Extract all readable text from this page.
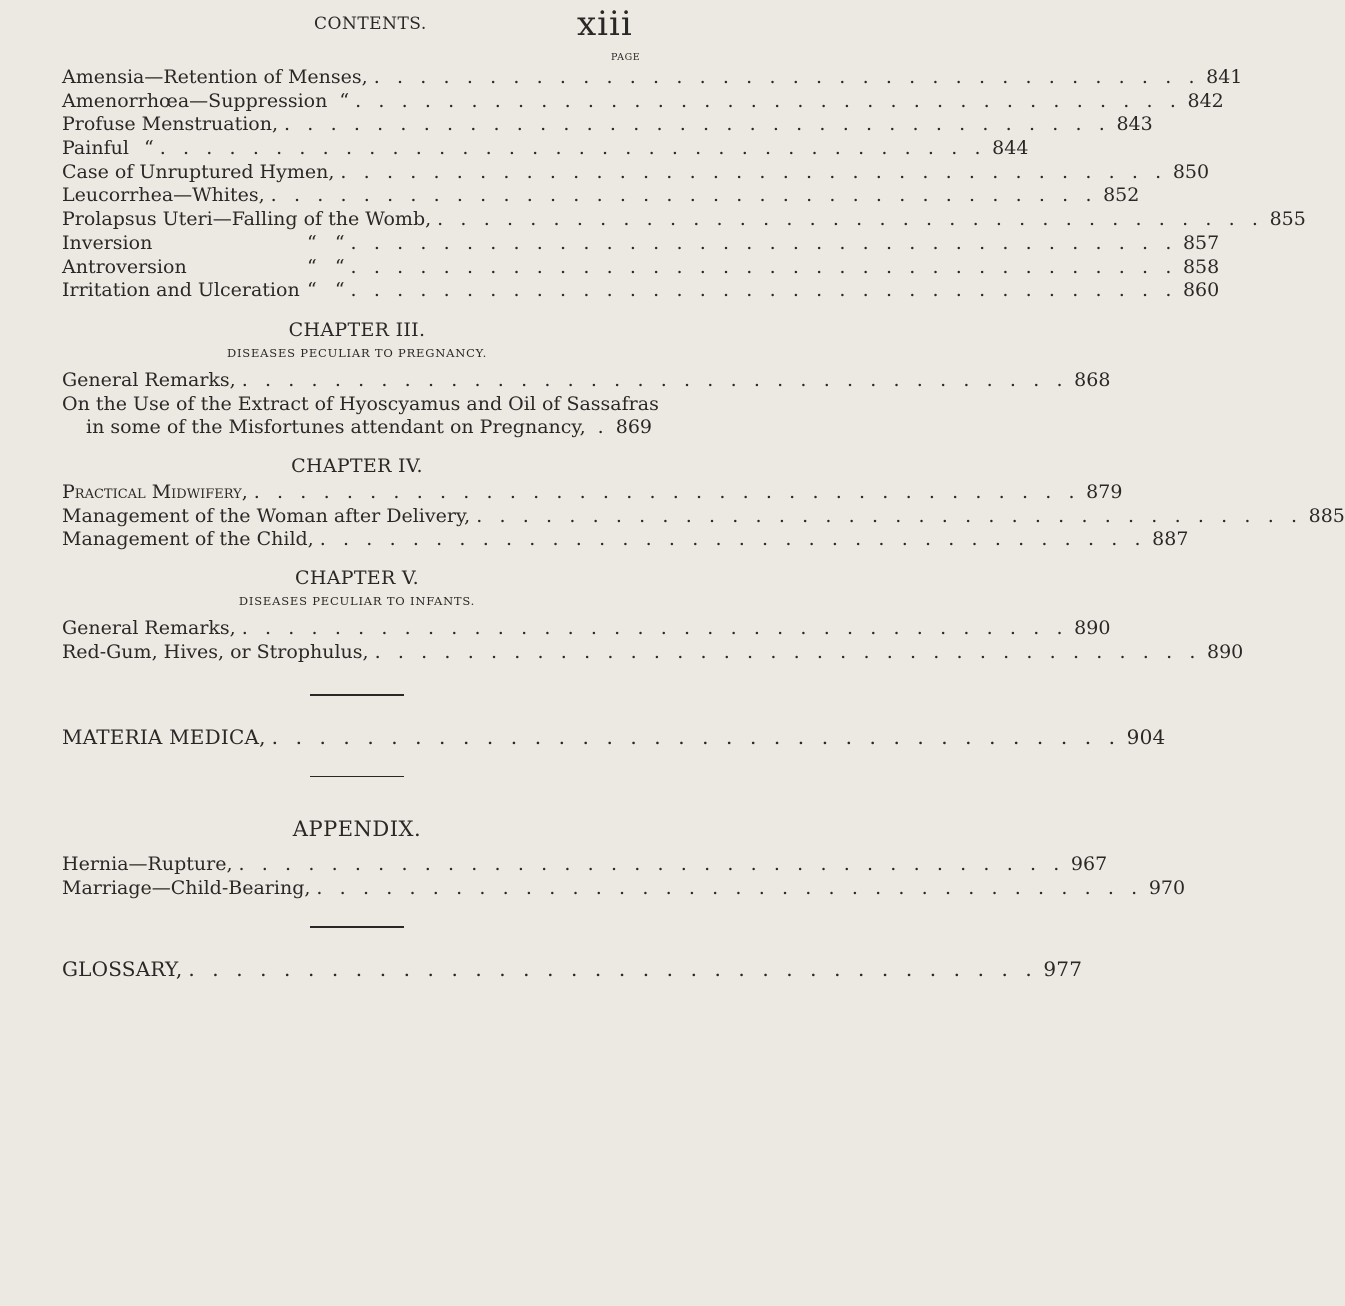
CONTENTS.	xiii
PAGE
Amensia—Retention of Menses, . . . . . . . . . . . . . . . . . . . . . . . . . . . . . . . . . . . . 841
Amenorrhœa—Suppression “ . . . . . . . . . . . . . . . . . . . . . . . . . . . . . . . . . . . . 842
Profuse Menstruation, . . . . . . . . . . . . . . . . . . . . . . . . . . . . . . . . . . . . 843
Painful “ . . . . . . . . . . . . . . . . . . . . . . . . . . . . . . . . . . . . 844
Case of Unruptured Hymen, . . . . . . . . . . . . . . . . . . . . . . . . . . . . . . . . . . . . 850
Leucorrhea—Whites, . . . . . . . . . . . . . . . . . . . . . . . . . . . . . . . . . . . . 852
Prolapsus Uteri—Falling of the Womb, . . . . . . . . . . . . . . . . . . . . . . . . . . . . . . . . . . . . 855
Inversion	“   “ . . . . . . . . . . . . . . . . . . . . . . . . . . . . . . . . . . . . 857
Antroversion	“   “ . . . . . . . . . . . . . . . . . . . . . . . . . . . . . . . . . . . . 858
Irritation and Ulceration “   “ . . . . . . . . . . . . . . . . . . . . . . . . . . . . . . . . . . . . 860
CHAPTER III.
DISEASES PECULIAR TO PREGNANCY.
General Remarks, . . . . . . . . . . . . . . . . . . . . . . . . . . . . . . . . . . . . 868
On the Use of the Extract of Hyoscyamus and Oil of Sassafras
in some of the Misfortunes attendant on Pregnancy, . 869
CHAPTER IV.
Practical Midwifery, . . . . . . . . . . . . . . . . . . . . . . . . . . . . . . . . . . . . 879
Management of the Woman after Delivery, . . . . . . . . . . . . . . . . . . . . . . . . . . . . . . . . . . . . 885
Management of the Child, . . . . . . . . . . . . . . . . . . . . . . . . . . . . . . . . . . . . 887
CHAPTER V.
DISEASES PECULIAR TO INFANTS.
General Remarks, . . . . . . . . . . . . . . . . . . . . . . . . . . . . . . . . . . . . 890
Red-Gum, Hives, or Strophulus, . . . . . . . . . . . . . . . . . . . . . . . . . . . . . . . . . . . . 890
MATERIA MEDICA, . . . . . . . . . . . . . . . . . . . . . . . . . . . . . . . . . . . . 904
APPENDIX.
Hernia—Rupture, . . . . . . . . . . . . . . . . . . . . . . . . . . . . . . . . . . . . 967
Marriage—Child-Bearing, . . . . . . . . . . . . . . . . . . . . . . . . . . . . . . . . . . . . 970
GLOSSARY, . . . . . . . . . . . . . . . . . . . . . . . . . . . . . . . . . . . . 977
